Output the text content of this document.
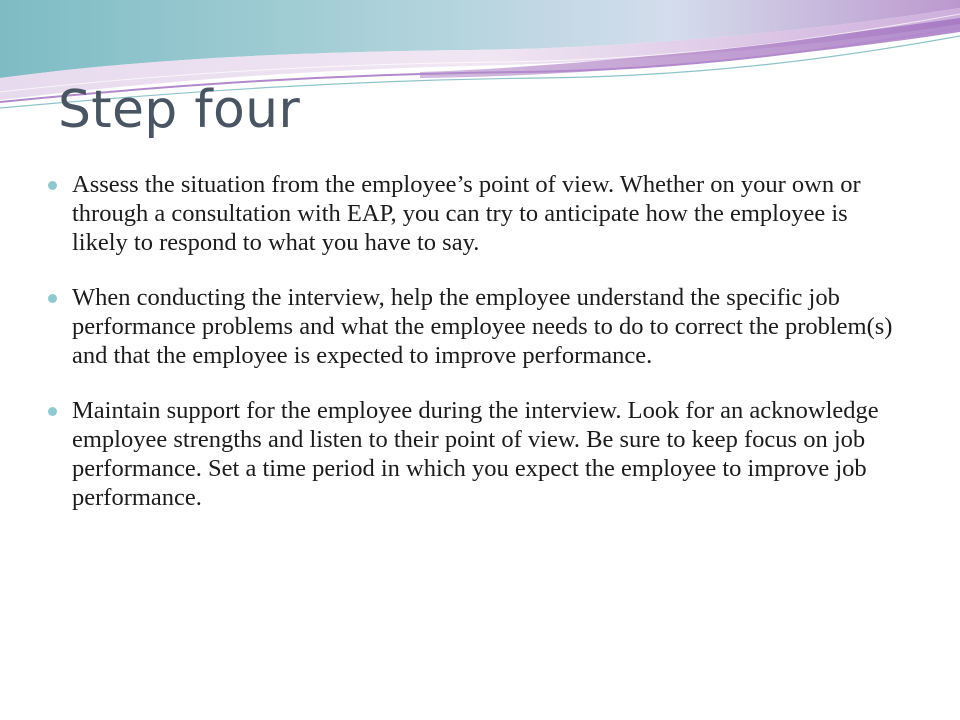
Step four
Assess the situation from the employee’s point of view. Whether on your own or through a consultation with EAP, you can try to anticipate how the employee is likely to respond to what you have to say.
When conducting the interview, help the employee understand the specific job performance problems and what the employee needs to do to correct the problem(s) and that the employee is expected to improve performance.
Maintain support for the employee during the interview. Look for an acknowledge employee strengths and listen to their point of view. Be sure to keep focus on job performance. Set a time period in which you expect the employee to improve job performance.
